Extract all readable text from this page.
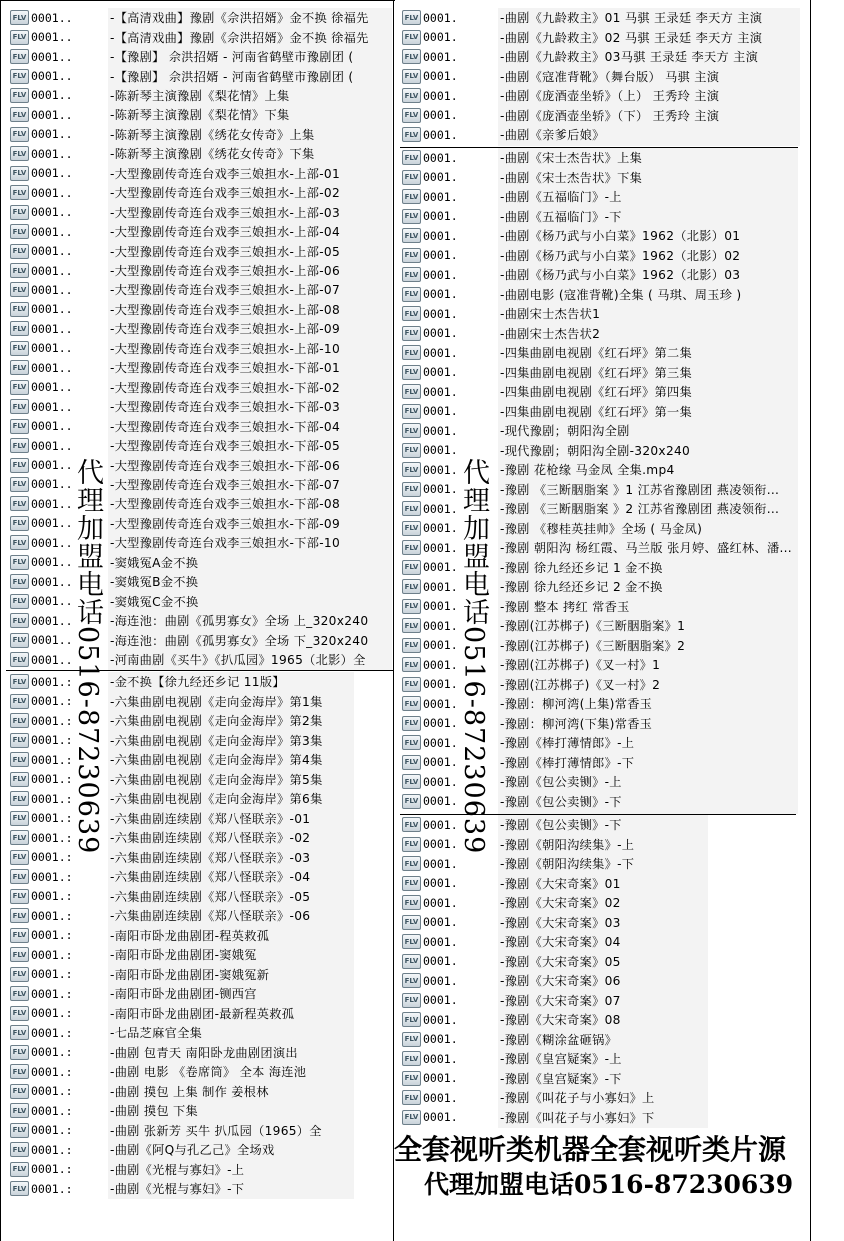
FLV 0001..	-【高清戏曲】豫剧《佘洪招婿》金不换 徐福先
FLV 0001..	-【高清戏曲】豫剧《佘洪招婿》金不换 徐福先
FLV 0001..	-【豫剧】 佘洪招婿 - 河南省鹤壁市豫剧团 (
FLV 0001..	-【豫剧】 佘洪招婿 - 河南省鹤壁市豫剧团 (
FLV 0001..	-陈新琴主演豫剧《梨花情》上集
FLV 0001..	-陈新琴主演豫剧《梨花情》下集
FLV 0001..	-陈新琴主演豫剧《绣花女传奇》上集
FLV 0001..	-陈新琴主演豫剧《绣花女传奇》下集
FLV 0001..	-大型豫剧传奇连台戏李三娘担水-上部-01
FLV 0001..	-大型豫剧传奇连台戏李三娘担水-上部-02
FLV 0001..	-大型豫剧传奇连台戏李三娘担水-上部-03
FLV 0001..	-大型豫剧传奇连台戏李三娘担水-上部-04
FLV 0001..	-大型豫剧传奇连台戏李三娘担水-上部-05
FLV 0001..	-大型豫剧传奇连台戏李三娘担水-上部-06
FLV 0001..	-大型豫剧传奇连台戏李三娘担水-上部-07
FLV 0001..	-大型豫剧传奇连台戏李三娘担水-上部-08
FLV 0001..	-大型豫剧传奇连台戏李三娘担水-上部-09
FLV 0001..	-大型豫剧传奇连台戏李三娘担水-上部-10
FLV 0001..	-大型豫剧传奇连台戏李三娘担水-下部-01
FLV 0001..	-大型豫剧传奇连台戏李三娘担水-下部-02
FLV 0001..	-大型豫剧传奇连台戏李三娘担水-下部-03
FLV 0001..	-大型豫剧传奇连台戏李三娘担水-下部-04
FLV 0001..	-大型豫剧传奇连台戏李三娘担水-下部-05
FLV 0001..	-大型豫剧传奇连台戏李三娘担水-下部-06
FLV 0001..	-大型豫剧传奇连台戏李三娘担水-下部-07
FLV 0001..	-大型豫剧传奇连台戏李三娘担水-下部-08
FLV 0001..	-大型豫剧传奇连台戏李三娘担水-下部-09
FLV 0001..	-大型豫剧传奇连台戏李三娘担水-下部-10
FLV 0001..	-窦娥冤A金不换
FLV 0001..	-窦娥冤B金不换
FLV 0001..	-窦娥冤C金不换
FLV 0001..	-海连池：曲剧《孤男寡女》全场 上_320x240
FLV 0001..	-海连池：曲剧《孤男寡女》全场 下_320x240
FLV 0001..	-河南曲剧《买牛》《扒瓜园》1965（北影）全
FLV 0001.:	-金不换【徐九经还乡记 11版】
FLV 0001.:	-六集曲剧电视剧《走向金海岸》第1集
FLV 0001.:	-六集曲剧电视剧《走向金海岸》第2集
FLV 0001.:	-六集曲剧电视剧《走向金海岸》第3集
FLV 0001.:	-六集曲剧电视剧《走向金海岸》第4集
FLV 0001.:	-六集曲剧电视剧《走向金海岸》第5集
FLV 0001.:	-六集曲剧电视剧《走向金海岸》第6集
FLV 0001.:	-六集曲剧连续剧《郑八怪联亲》-01
FLV 0001.:	-六集曲剧连续剧《郑八怪联亲》-02
FLV 0001.:	-六集曲剧连续剧《郑八怪联亲》-03
FLV 0001.:	-六集曲剧连续剧《郑八怪联亲》-04
FLV 0001.:	-六集曲剧连续剧《郑八怪联亲》-05
FLV 0001.:	-六集曲剧连续剧《郑八怪联亲》-06
FLV 0001.:	-南阳市卧龙曲剧团-程英救孤
FLV 0001.:	-南阳市卧龙曲剧团-窦娥冤
FLV 0001.:	-南阳市卧龙曲剧团-窦娥冤新
FLV 0001.:	-南阳市卧龙曲剧团-铡西宫
FLV 0001.:	-南阳市卧龙曲剧团-最新程英救孤
FLV 0001.:	-七品芝麻官全集
FLV 0001.:	-曲剧 包青天 南阳卧龙曲剧团演出
FLV 0001.:	-曲剧 电影 《卷席筒》 全本 海连池
FLV 0001.:	-曲剧 摸包 上集 制作 姜根林
FLV 0001.:	-曲剧 摸包 下集
FLV 0001.:	-曲剧 张新芳 买牛 扒瓜园（1965）全
FLV 0001.:	-曲剧《阿Q与孔乙己》全场戏
FLV 0001.:	-曲剧《光棍与寡妇》-上
FLV 0001.:	-曲剧《光棍与寡妇》-下
FLV 0001.	-曲剧《九龄救主》01 马骐 王录廷 李天方 主演
FLV 0001.	-曲剧《九龄救主》02 马骐 王录廷 李天方 主演
FLV 0001.	-曲剧《九龄救主》03马骐 王录廷 李天方 主演
FLV 0001.	-曲剧《寇准背靴》（舞台版） 马骐 主演
FLV 0001.	-曲剧《庞酒壶坐轿》（上） 王秀玲 主演
FLV 0001.	-曲剧《庞酒壶坐轿》（下） 王秀玲 主演
FLV 0001.	-曲剧《亲爹后娘》
FLV 0001.	-曲剧《宋士杰告状》上集
FLV 0001.	-曲剧《宋士杰告状》下集
FLV 0001.	-曲剧《五福临门》-上
FLV 0001.	-曲剧《五福临门》-下
FLV 0001.	-曲剧《杨乃武与小白菜》1962（北影）01
FLV 0001.	-曲剧《杨乃武与小白菜》1962（北影）02
FLV 0001.	-曲剧《杨乃武与小白菜》1962（北影）03
FLV 0001.	-曲剧电影 (寇准背靴)全集 ( 马琪、周玉珍 )
FLV 0001.	-曲剧宋士杰告状1
FLV 0001.	-曲剧宋士杰告状2
FLV 0001.	-四集曲剧电视剧《红石坪》第二集
FLV 0001.	-四集曲剧电视剧《红石坪》第三集
FLV 0001.	-四集曲剧电视剧《红石坪》第四集
FLV 0001.	-四集曲剧电视剧《红石坪》第一集
FLV 0001.	-现代豫剧；朝阳沟全剧
FLV 0001.	-现代豫剧；朝阳沟全剧-320x240
FLV 0001.	-豫剧 花枪缘 马金凤 全集.mp4
FLV 0001.	-豫剧 《三断胭脂案 》1 江苏省豫剧团 燕凌领衔...
FLV 0001.	-豫剧 《三断胭脂案 》2 江苏省豫剧团 燕凌领衔...
FLV 0001.	-豫剧 《穆桂英挂帅》全场 ( 马金凤)
FLV 0001.	-豫剧 朝阳沟 杨红霞、马兰版 张月婷、盛红林、潘...
FLV 0001.	-豫剧 徐九经还乡记 1 金不换
FLV 0001.	-豫剧 徐九经还乡记 2 金不换
FLV 0001.	-豫剧 整本 拷红 常香玉
FLV 0001.	-豫剧(江苏梆子)《三断胭脂案》1
FLV 0001.	-豫剧(江苏梆子)《三断胭脂案》2
FLV 0001.	-豫剧(江苏梆子)《叉一村》1
FLV 0001.	-豫剧(江苏梆子)《叉一村》2
FLV 0001.	-豫剧：柳河湾(上集)常香玉
FLV 0001.	-豫剧：柳河湾(下集)常香玉
FLV 0001.	-豫剧《棒打薄情郎》-上
FLV 0001.	-豫剧《棒打薄情郎》-下
FLV 0001.	-豫剧《包公卖铡》-上
FLV 0001.	-豫剧《包公卖铡》-下
FLV 0001.	-豫剧《包公卖铡》-下
FLV 0001.	-豫剧《朝阳沟续集》-上
FLV 0001.	-豫剧《朝阳沟续集》-下
FLV 0001.	-豫剧《大宋奇案》01
FLV 0001.	-豫剧《大宋奇案》02
FLV 0001.	-豫剧《大宋奇案》03
FLV 0001.	-豫剧《大宋奇案》04
FLV 0001.	-豫剧《大宋奇案》05
FLV 0001.	-豫剧《大宋奇案》06
FLV 0001.	-豫剧《大宋奇案》07
FLV 0001.	-豫剧《大宋奇案》08
FLV 0001.	-豫剧《糊涂盆砸锅》
FLV 0001.	-豫剧《皇宫疑案》-上
FLV 0001.	-豫剧《皇宫疑案》-下
FLV 0001.	-豫剧《叫花子与小寡妇》上
FLV 0001.	-豫剧《叫花子与小寡妇》下
代理加盟电话0516-87230639	代理加盟电话0516-87230639
全套视听类机器全套视听类片源
代理加盟电话0516-87230639
